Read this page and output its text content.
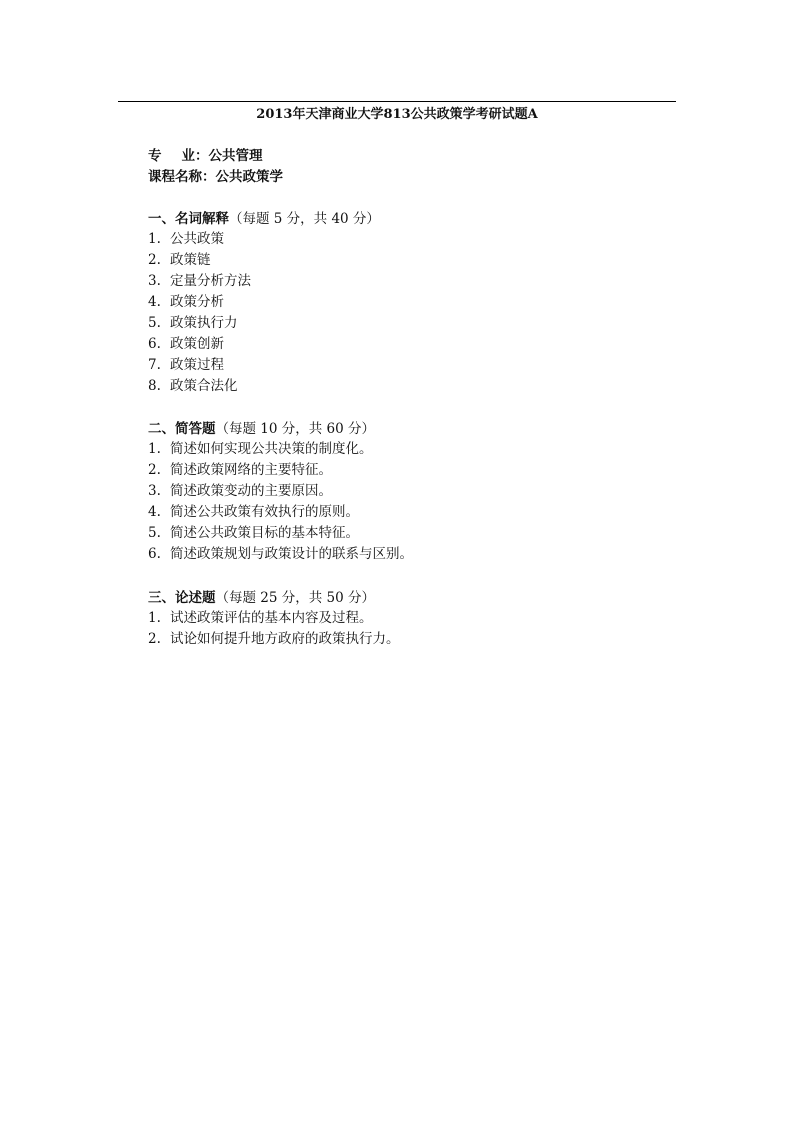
2013年天津商业大学813公共政策学考研试题A
专 业：公共管理
课程名称：公共政策学
一、名词解释（每题 5 分，共 40 分）
1. 公共政策
2. 政策链
3. 定量分析方法
4. 政策分析
5. 政策执行力
6. 政策创新
7. 政策过程
8. 政策合法化
二、简答题（每题 10 分，共 60 分）
1. 简述如何实现公共决策的制度化。
2. 简述政策网络的主要特征。
3. 简述政策变动的主要原因。
4. 简述公共政策有效执行的原则。
5. 简述公共政策目标的基本特征。
6. 简述政策规划与政策设计的联系与区别。
三、论述题（每题 25 分，共 50 分）
1. 试述政策评估的基本内容及过程。
2. 试论如何提升地方政府的政策执行力。
